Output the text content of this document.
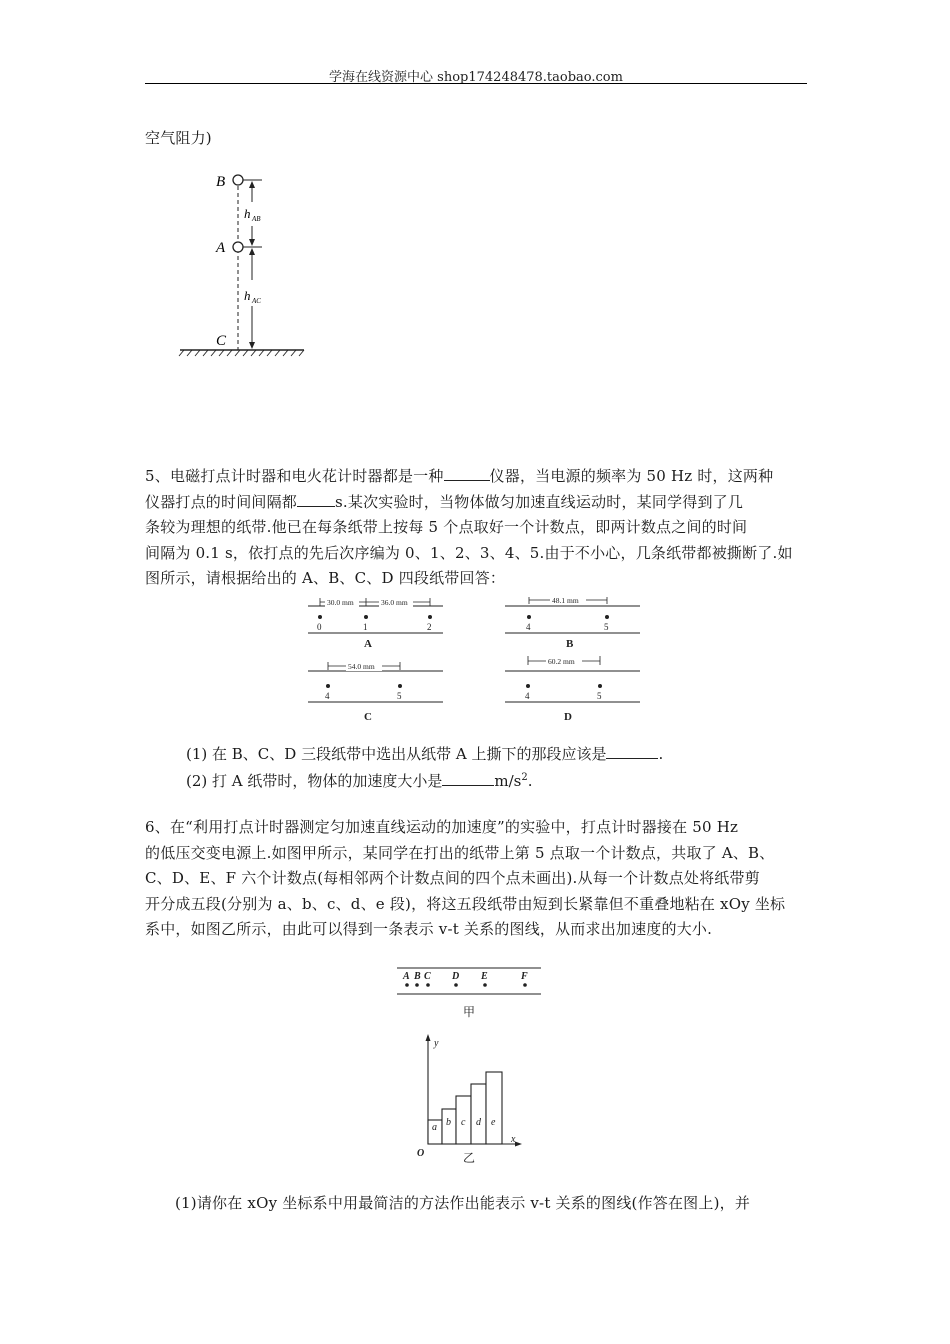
学海在线资源中心 shop174248478.taobao.com
空气阻力)
B
A
C
h AB
h AC
5、电磁打点计时器和电火花计时器都是一种	仪器，当电源的频率为 50 Hz 时，这两种
仪器打点的时间间隔都	s.某次实验时，当物体做匀加速直线运动时，某同学得到了几
条较为理想的纸带.他已在每条纸带上按每 5 个点取好一个计数点，即两计数点之间的时间
间隔为 0.1 s，依打点的先后次序编为 0、1、2、3、4、5.由于不小心，几条纸带都被撕断了.如
图所示，请根据给出的 A、B、C、D 四段纸带回答：
30.0 mm	36.0 mm
0	1	2
A
48.1 mm
4	5
B
54.0 mm
4	5
C
60.2 mm
4	5
D
(1) 在 B、C、D 三段纸带中选出从纸带 A 上撕下的那段应该是	.
(2) 打 A 纸带时，物体的加速度大小是	$m/s^2$.
6、在“利用打点计时器测定匀加速直线运动的加速度”的实验中，打点计时器接在 50 Hz
的低压交变电源上.如图甲所示，某同学在打出的纸带上第 5 点取一个计数点，共取了 A、B、
C、D、E、F 六个计数点(每相邻两个计数点间的四个点未画出).从每一个计数点处将纸带剪
开分成五段(分别为 a、b、c、d、e 段)，将这五段纸带由短到长紧靠但不重叠地粘在 xOy 坐标
系中，如图乙所示，由此可以得到一条表示 v-t 关系的图线，从而求出加速度的大小.
A B C D E	F
甲
a b c d e
y
x
O	乙
(1)请你在 xOy 坐标系中用最简洁的方法作出能表示 v-t 关系的图线(作答在图上)，并
